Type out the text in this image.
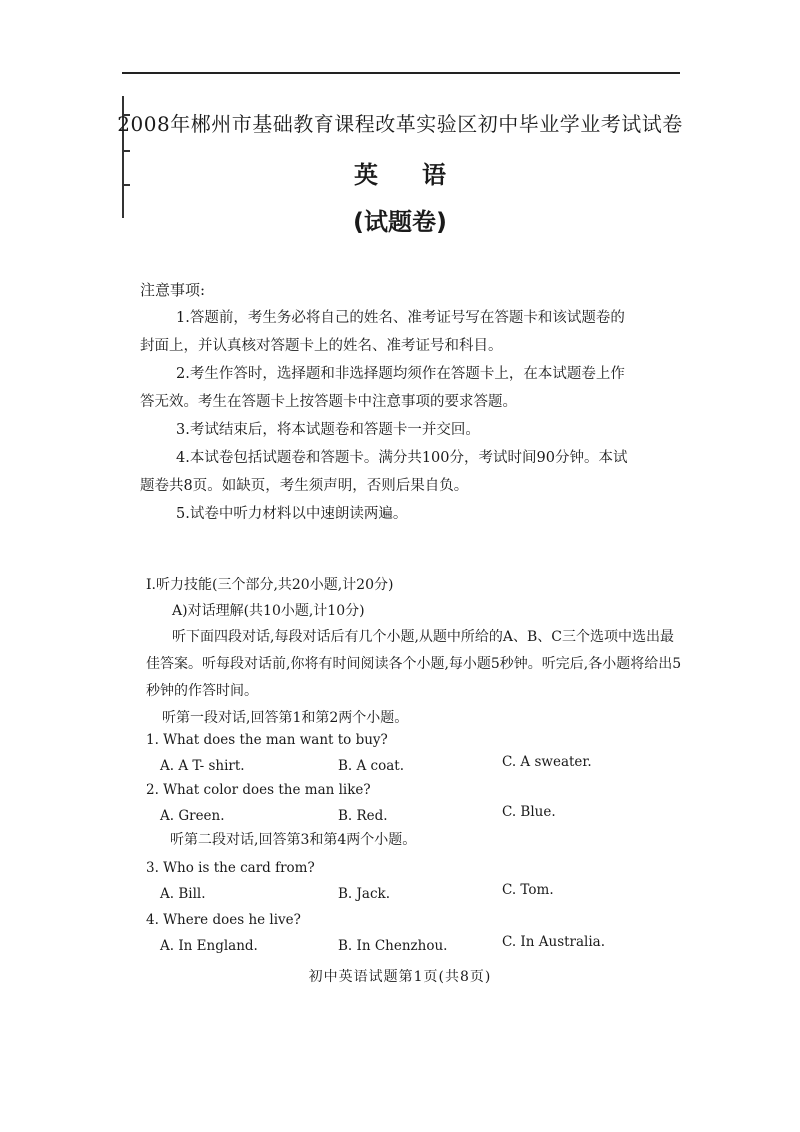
2008年郴州市基础教育课程改革实验区初中毕业学业考试试卷
英语
(试题卷)
注意事项:

1.答题前，考生务必将自己的姓名、准考证号写在答题卡和该试题卷的

封面上，并认真核对答题卡上的姓名、准考证号和科目。

2.考生作答时，选择题和非选择题均须作在答题卡上，在本试题卷上作

答无效。考生在答题卡上按答题卡中注意事项的要求答题。

3.考试结束后，将本试题卷和答题卡一并交回。

4.本试卷包括试题卷和答题卡。满分共100分，考试时间90分钟。本试

题卷共8页。如缺页，考生须声明，否则后果自负。

5.试卷中听力材料以中速朗读两遍。

Ⅰ.听力技能(三个部分,共20小题,计20分)

A)对话理解(共10小题,计10分)

听下面四段对话,每段对话后有几个小题,从题中所给的A、B、C三个选项中选出最佳答案。听每段对话前,你将有时间阅读各个小题,每小题5秒钟。听完后,各小题将给出5秒钟的作答时间。

听第一段对话,回答第1和第2两个小题。

1. What does the man want to buy?
A. A T- shirt.	B. A coat.	C. A sweater.
2. What color does the man like?
A. Green.	B. Red.	C. Blue.
听第二段对话,回答第3和第4两个小题。
3. Who is the card from?
A. Bill.	B. Jack.	C. Tom.
4. Where does he live?
A. In England.	B. In Chenzhou.	C. In Australia.
初中英语试题第1页(共8页)
